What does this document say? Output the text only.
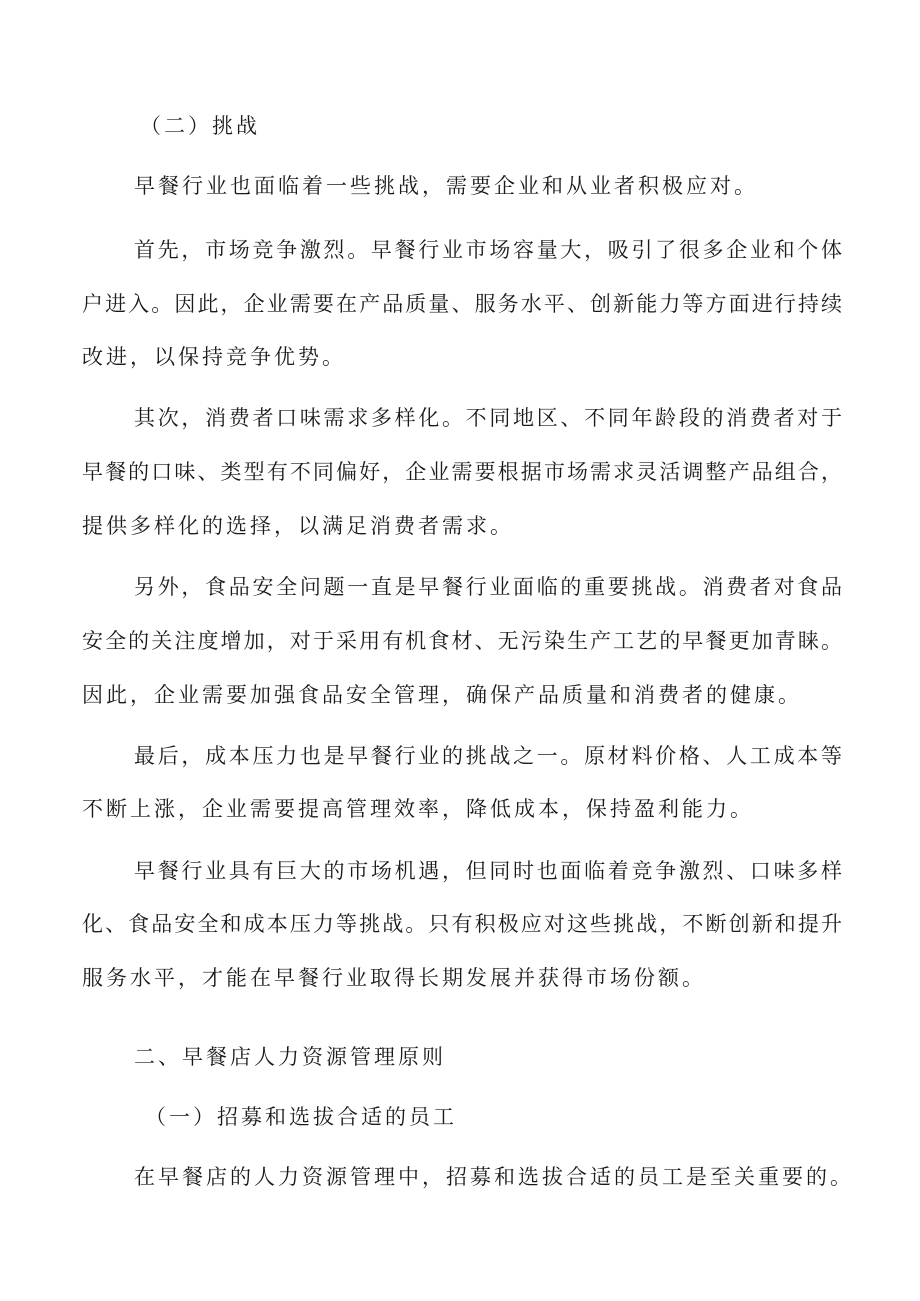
（二）挑战
早餐行业也面临着一些挑战，需要企业和从业者积极应对。
首先，市场竞争激烈。早餐行业市场容量大，吸引了很多企业和个体
户进入。因此，企业需要在产品质量、服务水平、创新能力等方面进行持续
改进，以保持竞争优势。
其次，消费者口味需求多样化。不同地区、不同年龄段的消费者对于
早餐的口味、类型有不同偏好，企业需要根据市场需求灵活调整产品组合，
提供多样化的选择，以满足消费者需求。
另外，食品安全问题一直是早餐行业面临的重要挑战。消费者对食品
安全的关注度增加，对于采用有机食材、无污染生产工艺的早餐更加青睐。
因此，企业需要加强食品安全管理，确保产品质量和消费者的健康。
最后，成本压力也是早餐行业的挑战之一。原材料价格、人工成本等
不断上涨，企业需要提高管理效率，降低成本，保持盈利能力。
早餐行业具有巨大的市场机遇，但同时也面临着竞争激烈、口味多样
化、食品安全和成本压力等挑战。只有积极应对这些挑战，不断创新和提升
服务水平，才能在早餐行业取得长期发展并获得市场份额。
二、早餐店人力资源管理原则
（一）招募和选拔合适的员工
在早餐店的人力资源管理中，招募和选拔合适的员工是至关重要的。
